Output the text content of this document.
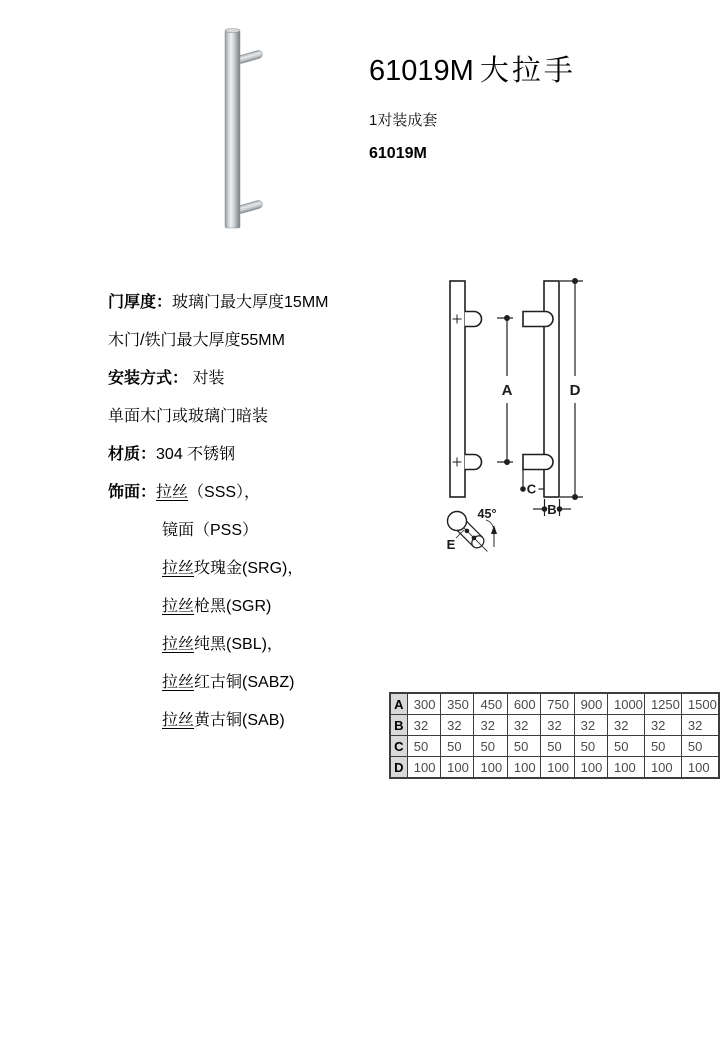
61019M 大拉手
1对装成套
61019M
门厚度：玻璃门最大厚度15MM
木门/铁门最大厚度55MM
安装方式： 对装
单面木门或玻璃门暗装
材质：304 不锈钢
饰面：拉丝（SSS），
镜面（PSS）
拉丝玫瑰金(SRG)，
拉丝枪黑(SGR)
拉丝纯黑(SBL)，
拉丝红古铜(SABZ)
拉丝黄古铜(SAB)
A	D
C
B
E
45°
A	300	350	450	600	750	900	1000	1250	1500
B	32	32	32	32	32	32	32	32	32
C	50	50	50	50	50	50	50	50	50
D	100	100	100	100	100	100	100	100	100
